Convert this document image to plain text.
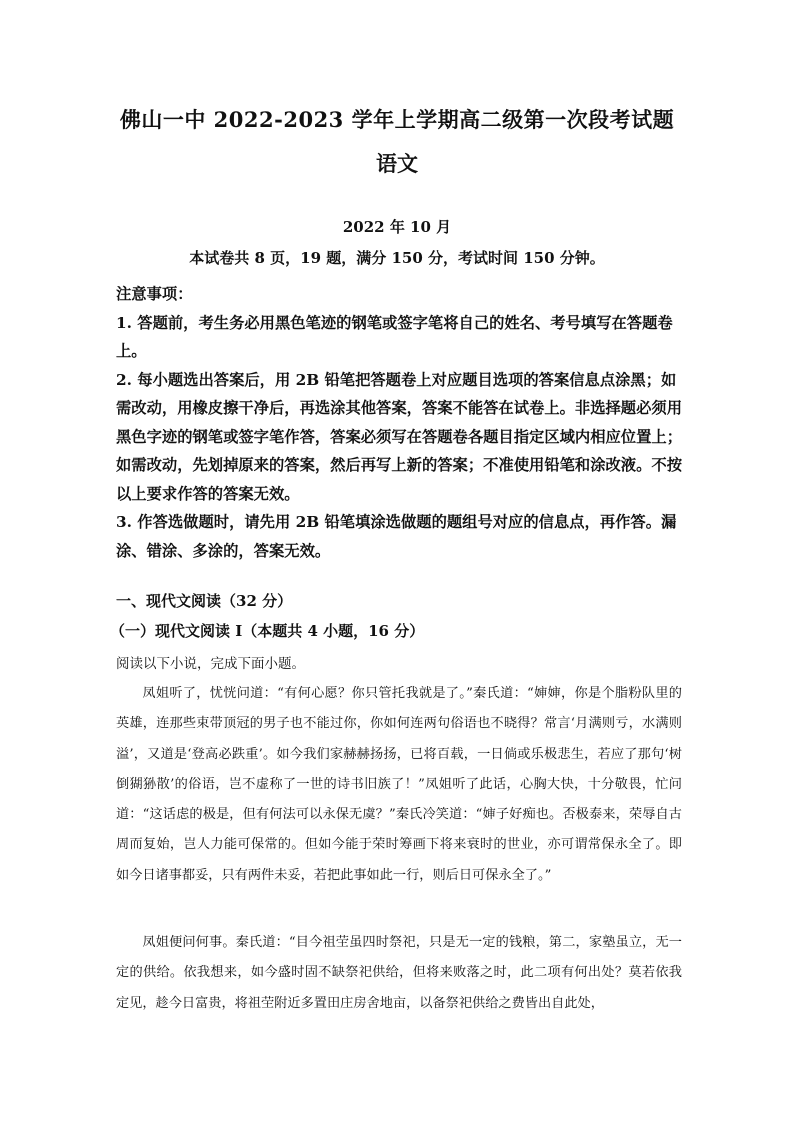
佛山一中 2022-2023 学年上学期高二级第一次段考试题
语文
2022 年 10 月
本试卷共 8 页，19 题，满分 150 分，考试时间 150 分钟。

注意事项：

1. 答题前，考生务必用黑色笔迹的钢笔或签字笔将自己的姓名、考号填写在答题卷上。

2. 每小题选出答案后，用 2B 铅笔把答题卷上对应题目选项的答案信息点涂黑；如需改动，用橡皮擦干净后，再选涂其他答案，答案不能答在试卷上。非选择题必须用黑色字迹的钢笔或签字笔作答，答案必须写在答题卷各题目指定区域内相应位置上；如需改动，先划掉原来的答案，然后再写上新的答案；不准使用铅笔和涂改液。不按以上要求作答的答案无效。

3. 作答选做题时，请先用 2B 铅笔填涂选做题的题组号对应的信息点，再作答。漏涂、错涂、多涂的，答案无效。

一、现代文阅读（32 分）
（一）现代文阅读 I（本题共 4 小题，16 分）
阅读以下小说，完成下面小题。

凤姐听了，忧恍问道：“有何心愿？你只管托我就是了。”秦氏道：“婶婶，你是个脂粉队里的英雄，连那些束带顶冠的男子也不能过你，你如何连两句俗语也不晓得？常言‘月满则亏，水满则溢’，又道是‘登高必跌重’。如今我们家赫赫扬扬，已将百载，一日倘或乐极悲生，若应了那句‘树倒猢狲散’的俗语，岂不虚称了一世的诗书旧族了！”凤姐听了此话，心胸大快，十分敬畏，忙问道：“这话虑的极是，但有何法可以永保无虞？”秦氏冷笑道：“婶子好痴也。否极泰来，荣辱自古周而复始，岂人力能可保常的。但如今能于荣时筹画下将来衰时的世业，亦可谓常保永全了。即如今日诸事都妥，只有两件未妥，若把此事如此一行，则后日可保永全了。”

凤姐便问何事。秦氏道：“目今祖茔虽四时祭祀，只是无一定的钱粮，第二，家塾虽立，无一定的供给。依我想来，如今盛时固不缺祭祀供给，但将来败落之时，此二项有何出处？莫若依我定见，趁今日富贵，将祖茔附近多置田庄房舍地亩，以备祭祀供给之费皆出自此处，
